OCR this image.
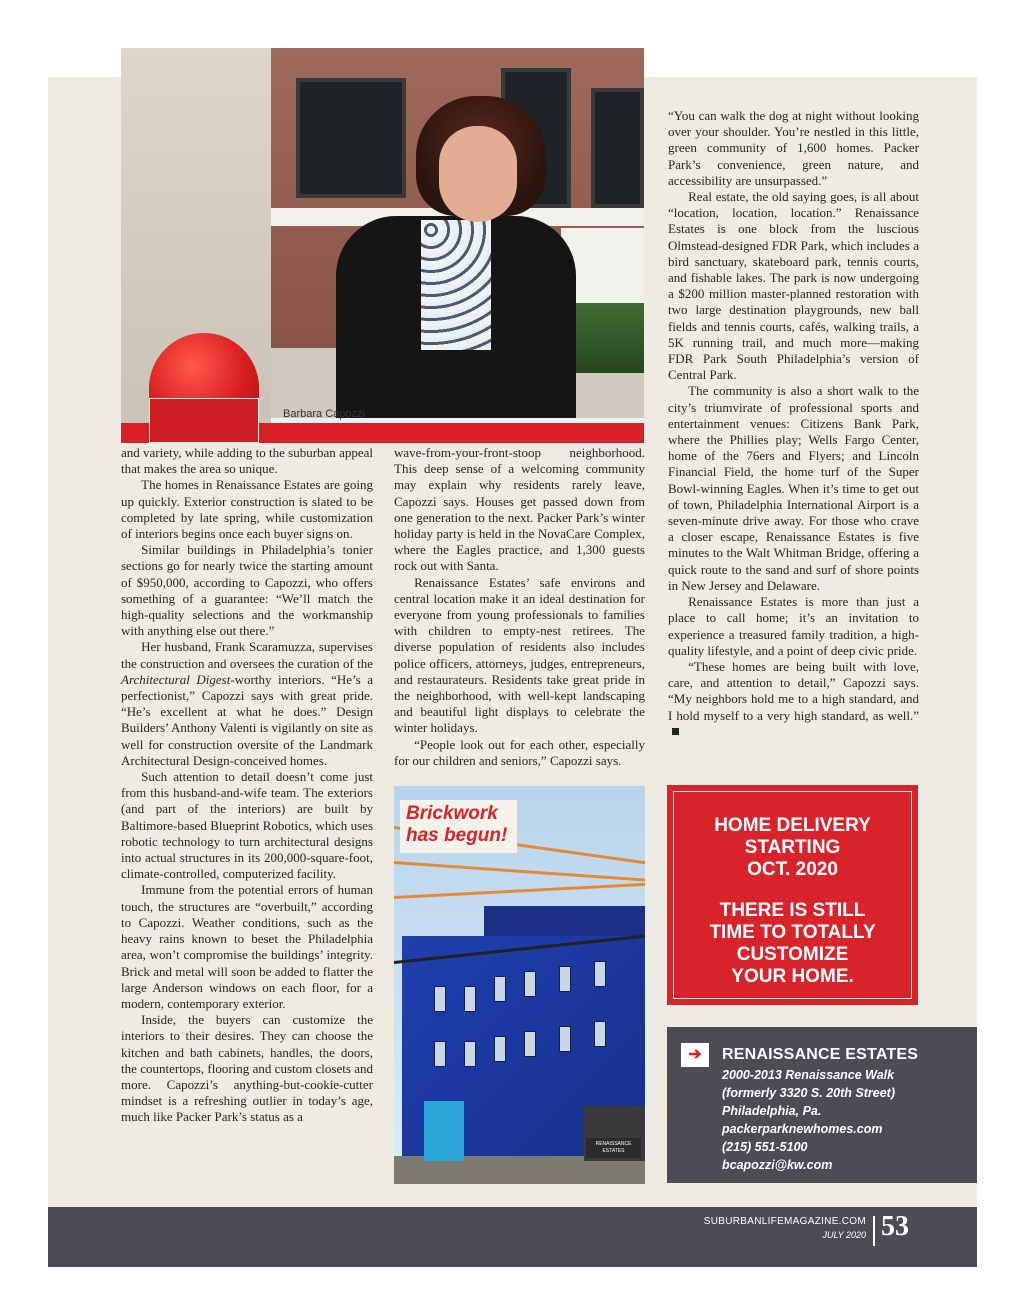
Barbara Capozzi

and variety, while adding to the suburban appeal that makes the area so unique.

The homes in Renaissance Estates are going up quickly. Exterior construction is slated to be completed by late spring, while customization of interiors begins once each buyer signs on.

Similar buildings in Philadelphia’s tonier sections go for nearly twice the starting amount of $950,000, according to Capozzi, who offers something of a guarantee: “We’ll match the high-quality selections and the workmanship with anything else out there.”

Her husband, Frank Scaramuzza, supervises the construction and oversees the curation of the Architectural Digest-worthy interiors. “He’s a perfectionist,” Capozzi says with great pride. “He’s excellent at what he does.” Design Builders’ Anthony Valenti is vigilantly on site as well for construction oversite of the Landmark Architectural Design-conceived homes.

Such attention to detail doesn’t come just from this husband-and-wife team. The exteriors (and part of the interiors) are built by Baltimore-based Blueprint Robotics, which uses robotic technology to turn architectural designs into actual structures in its 200,000-square-foot, climate-controlled, computerized facility.

Immune from the potential errors of human touch, the structures are “overbuilt,” according to Capozzi. Weather conditions, such as the heavy rains known to beset the Philadelphia area, won’t compromise the buildings’ integrity. Brick and metal will soon be added to flatter the large Anderson windows on each floor, for a modern, contemporary exterior.

Inside, the buyers can customize the interiors to their desires. They can choose the kitchen and bath cabinets, handles, the doors, the countertops, flooring and custom closets and more. Capozzi’s anything-but-cookie-cutter mindset is a refreshing outlier in today’s age, much like Packer Park’s status as a

wave-from-your-front-stoop neighborhood. This deep sense of a welcoming community may explain why residents rarely leave, Capozzi says. Houses get passed down from one generation to the next. Packer Park’s winter holiday party is held in the NovaCare Complex, where the Eagles practice, and 1,300 guests rock out with Santa.

Renaissance Estates’ safe environs and central location make it an ideal destination for everyone from young professionals to families with children to empty-nest retirees. The diverse population of residents also includes police officers, attorneys, judges, entrepreneurs, and restaurateurs. Residents take great pride in the neighborhood, with well-kept landscaping and beautiful light displays to celebrate the winter holidays.

“People look out for each other, especially for our children and seniors,” Capozzi says.

RENAISSANCE ESTATES
Brickwork
has begun!

“You can walk the dog at night without looking over your shoulder. You’re nestled in this little, green community of 1,600 homes. Packer Park’s convenience, green nature, and accessibility are unsurpassed.”

Real estate, the old saying goes, is all about “location, location, location.” Renaissance Estates is one block from the luscious Olmstead-designed FDR Park, which includes a bird sanctuary, skateboard park, tennis courts, and fishable lakes. The park is now undergoing a $200 million master-planned restoration with two large destination playgrounds, new ball fields and tennis courts, cafés, walking trails, a 5K running trail, and much more—making FDR Park South Philadelphia’s version of Central Park.

The community is also a short walk to the city’s triumvirate of professional sports and entertainment venues: Citizens Bank Park, where the Phillies play; Wells Fargo Center, home of the 76ers and Flyers; and Lincoln Financial Field, the home turf of the Super Bowl-winning Eagles. When it’s time to get out of town, Philadelphia International Airport is a seven-minute drive away. For those who crave a closer escape, Renaissance Estates is five minutes to the Walt Whitman Bridge, offering a quick route to the sand and surf of shore points in New Jersey and Delaware.

Renaissance Estates is more than just a place to call home; it’s an invitation to experience a treasured family tradition, a high-quality lifestyle, and a point of deep civic pride.

“These homes are being built with love, care, and attention to detail,” Capozzi says. “My neighbors hold me to a high standard, and I hold myself to a very high standard, as well.”

HOME DELIVERY
STARTING
OCT. 2020
THERE IS STILL
TIME TO TOTALLY
CUSTOMIZE
YOUR HOME.
➔	RENAISSANCE ESTATES
2000-2013 Renaissance Walk
(formerly 3320 S. 20th Street)
Philadelphia, Pa.
packerparknewhomes.com
(215) 551-5100
bcapozzi@kw.com
SUBURBANLIFEMAGAZINE.COM
JULY 2020 53
